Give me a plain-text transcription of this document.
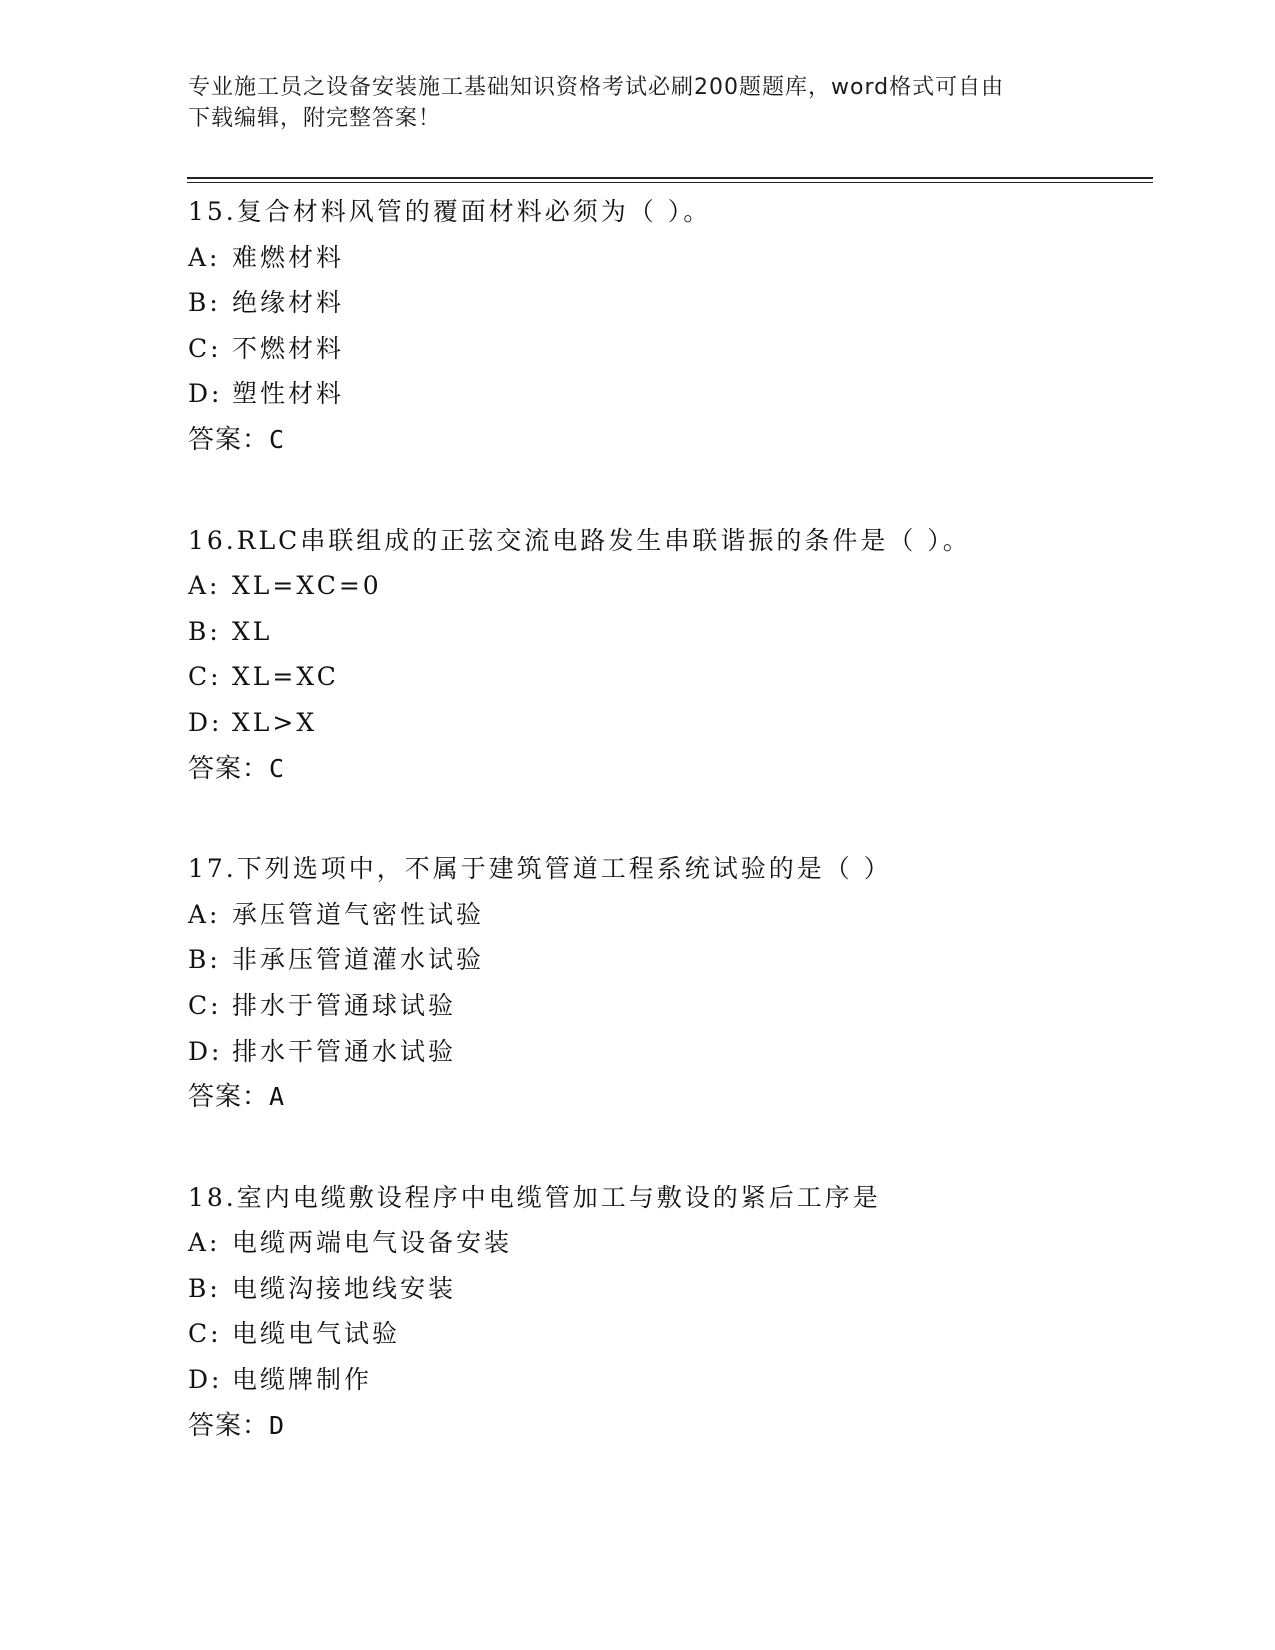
专业施工员之设备安装施工基础知识资格考试必刷200题题库，word格式可自由
下载编辑，附完整答案！
15.复合材料风管的覆面材料必须为（ ）。
A: 难燃材料
B: 绝缘材料
C: 不燃材料
D: 塑性材料
答案：C
16.RLC串联组成的正弦交流电路发生串联谐振的条件是（ ）。
A: XL=XC=0
B: XL
C: XL=XC
D: XL>X
答案：C
17.下列选项中，不属于建筑管道工程系统试验的是（ ）
A: 承压管道气密性试验
B: 非承压管道灌水试验
C: 排水于管通球试验
D: 排水干管通水试验
答案：A
18.室内电缆敷设程序中电缆管加工与敷设的紧后工序是
A: 电缆两端电气设备安装
B: 电缆沟接地线安装
C: 电缆电气试验
D: 电缆牌制作
答案：D
